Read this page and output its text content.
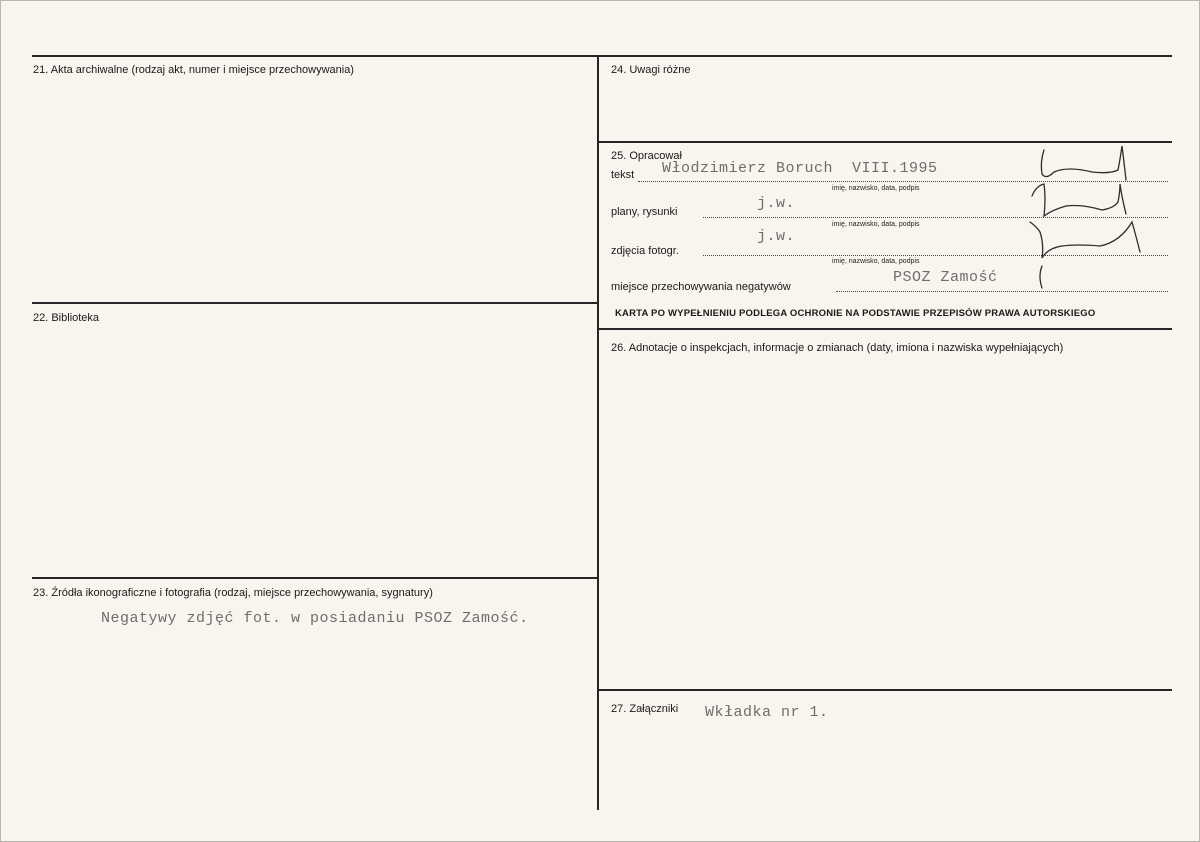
21. Akta archiwalne (rodzaj akt, numer i miejsce przechowywania)
22. Biblioteka
23. Źródła ikonograficzne i fotografia (rodzaj, miejsce przechowywania, sygnatury)
Negatywy zdjęć fot. w posiadaniu PSOZ Zamość.
24. Uwagi różne
25. Opracował
tekst Włodzimierz Boruch  VIII.1995
imię, nazwisko, data, podpis
plany, rysunki	j.w.
imię, nazwisko, data, podpis
zdjęcia fotogr.
j.w.
imię, nazwisko, data, podpis
miejsce przechowywania negatywów
PSOZ Zamość
KARTA PO WYPEŁNIENIU PODLEGA OCHRONIE NA PODSTAWIE PRZEPISÓW PRAWA AUTORSKIEGO
26. Adnotacje o inspekcjach, informacje o zmianach (daty, imiona i nazwiska wypełniających)
27. Załączniki Wkładka nr 1.
